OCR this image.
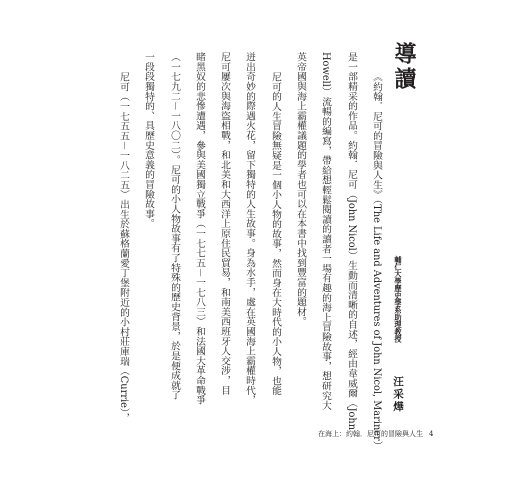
導讀
輔仁大學歷史學系助理教授
汪采燁
《約翰．尼可的冒險與人生》（The Life and Adventures of John Nicol, Mariner）
是一部精采的作品。約翰．尼可（John Nicol）生動而清晰的自述，經由韋威爾（John
Howell）流暢的編寫，帶給想輕鬆閱讀的讀者一場有趣的海上冒險故事，想研究大
英帝國與海上霸權議題的學者也可以在本書中找到豐富的題材。
尼可的人生冒險無疑是一個小人物的故事，然而身在大時代的小人物，也能
迸出奇妙的際遇火花，留下獨特的人生故事。身為水手，處在英國海上霸權時代，
尼可屢次與海盜相戰，和北美和大西洋上原住民貿易，和南美西班牙人交涉，目
睹黑奴的悲慘遭遇，參與美國獨立戰爭（一七七五－一七八三）和法國大革命戰爭
（一七九二－一八〇二）。尼可的小人物故事有了特殊的歷史背景，於是便成就了
一段段獨特的、具歷史意義的冒險故事。
尼可（一七五五－一八二五）出生於蘇格蘭愛丁堡附近的小村莊庫瑞（Currie），
在海上：約翰．尼可的冒險與人生 4
